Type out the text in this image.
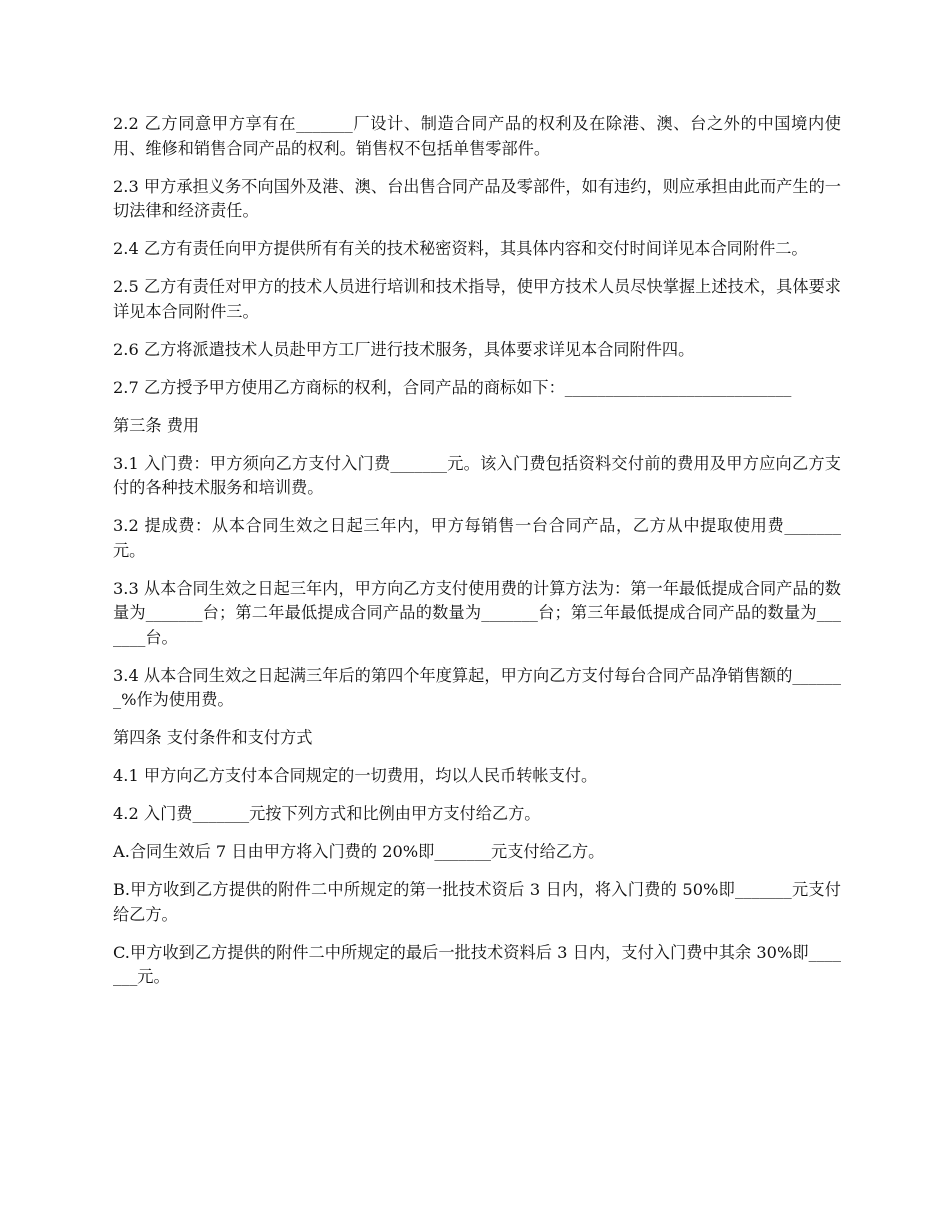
2.2 乙方同意甲方享有在_______厂设计、制造合同产品的权利及在除港、澳、台之外的中国境内使用、维修和销售合同产品的权利。销售权不包括单售零部件。

2.3 甲方承担义务不向国外及港、澳、台出售合同产品及零部件，如有违约，则应承担由此而产生的一切法律和经济责任。

2.4 乙方有责任向甲方提供所有有关的技术秘密资料，其具体内容和交付时间详见本合同附件二。

2.5 乙方有责任对甲方的技术人员进行培训和技术指导，使甲方技术人员尽快掌握上述技术，具体要求详见本合同附件三。

2.6 乙方将派遣技术人员赴甲方工厂进行技术服务，具体要求详见本合同附件四。

2.7 乙方授予甲方使用乙方商标的权利，合同产品的商标如下：____________________________

第三条 费用

3.1 入门费：甲方须向乙方支付入门费_______元。该入门费包括资料交付前的费用及甲方应向乙方支付的各种技术服务和培训费。

3.2 提成费：从本合同生效之日起三年内，甲方每销售一台合同产品，乙方从中提取使用费_______元。

3.3 从本合同生效之日起三年内，甲方向乙方支付使用费的计算方法为：第一年最低提成合同产品的数量为_______台；第二年最低提成合同产品的数量为_______台；第三年最低提成合同产品的数量为_______台。

3.4 从本合同生效之日起满三年后的第四个年度算起，甲方向乙方支付每台合同产品净销售额的_______%作为使用费。

第四条 支付条件和支付方式

4.1 甲方向乙方支付本合同规定的一切费用，均以人民币转帐支付。

4.2 入门费_______元按下列方式和比例由甲方支付给乙方。

A.合同生效后 7 日由甲方将入门费的 20%即_______元支付给乙方。

B.甲方收到乙方提供的附件二中所规定的第一批技术资后 3 日内，将入门费的 50%即_______元支付给乙方。

C.甲方收到乙方提供的附件二中所规定的最后一批技术资料后 3 日内，支付入门费中其余 30%即_______元。
